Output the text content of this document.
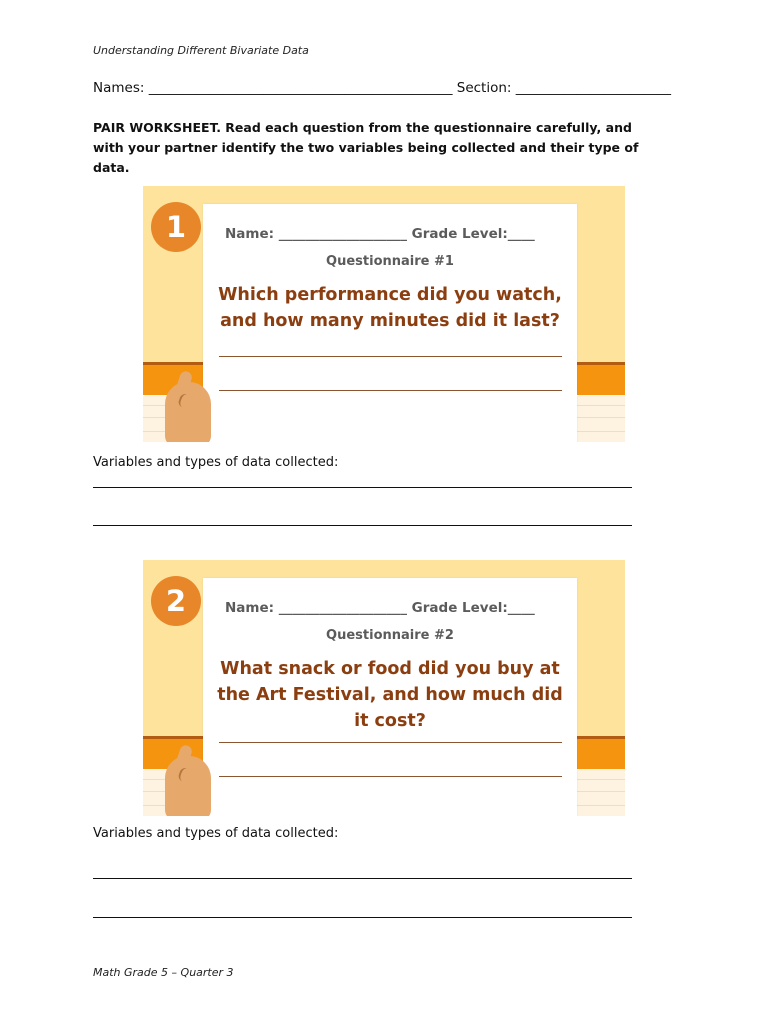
Understanding Different Bivariate Data
Names: _____________________________________________ Section: _______________________
PAIR WORKSHEET. Read each question from the questionnaire carefully, and with your partner identify the two variables being collected and their type of data.
Name: ___________________ Grade Level:____
Questionnaire #1
Which performance did you watch, and how many minutes did it last?
1
Variables and types of data collected:
Name: ___________________ Grade Level:____
Questionnaire #2
What snack or food did you buy at the Art Festival, and how much did it cost?
2
Variables and types of data collected:
Math Grade 5 – Quarter 3
